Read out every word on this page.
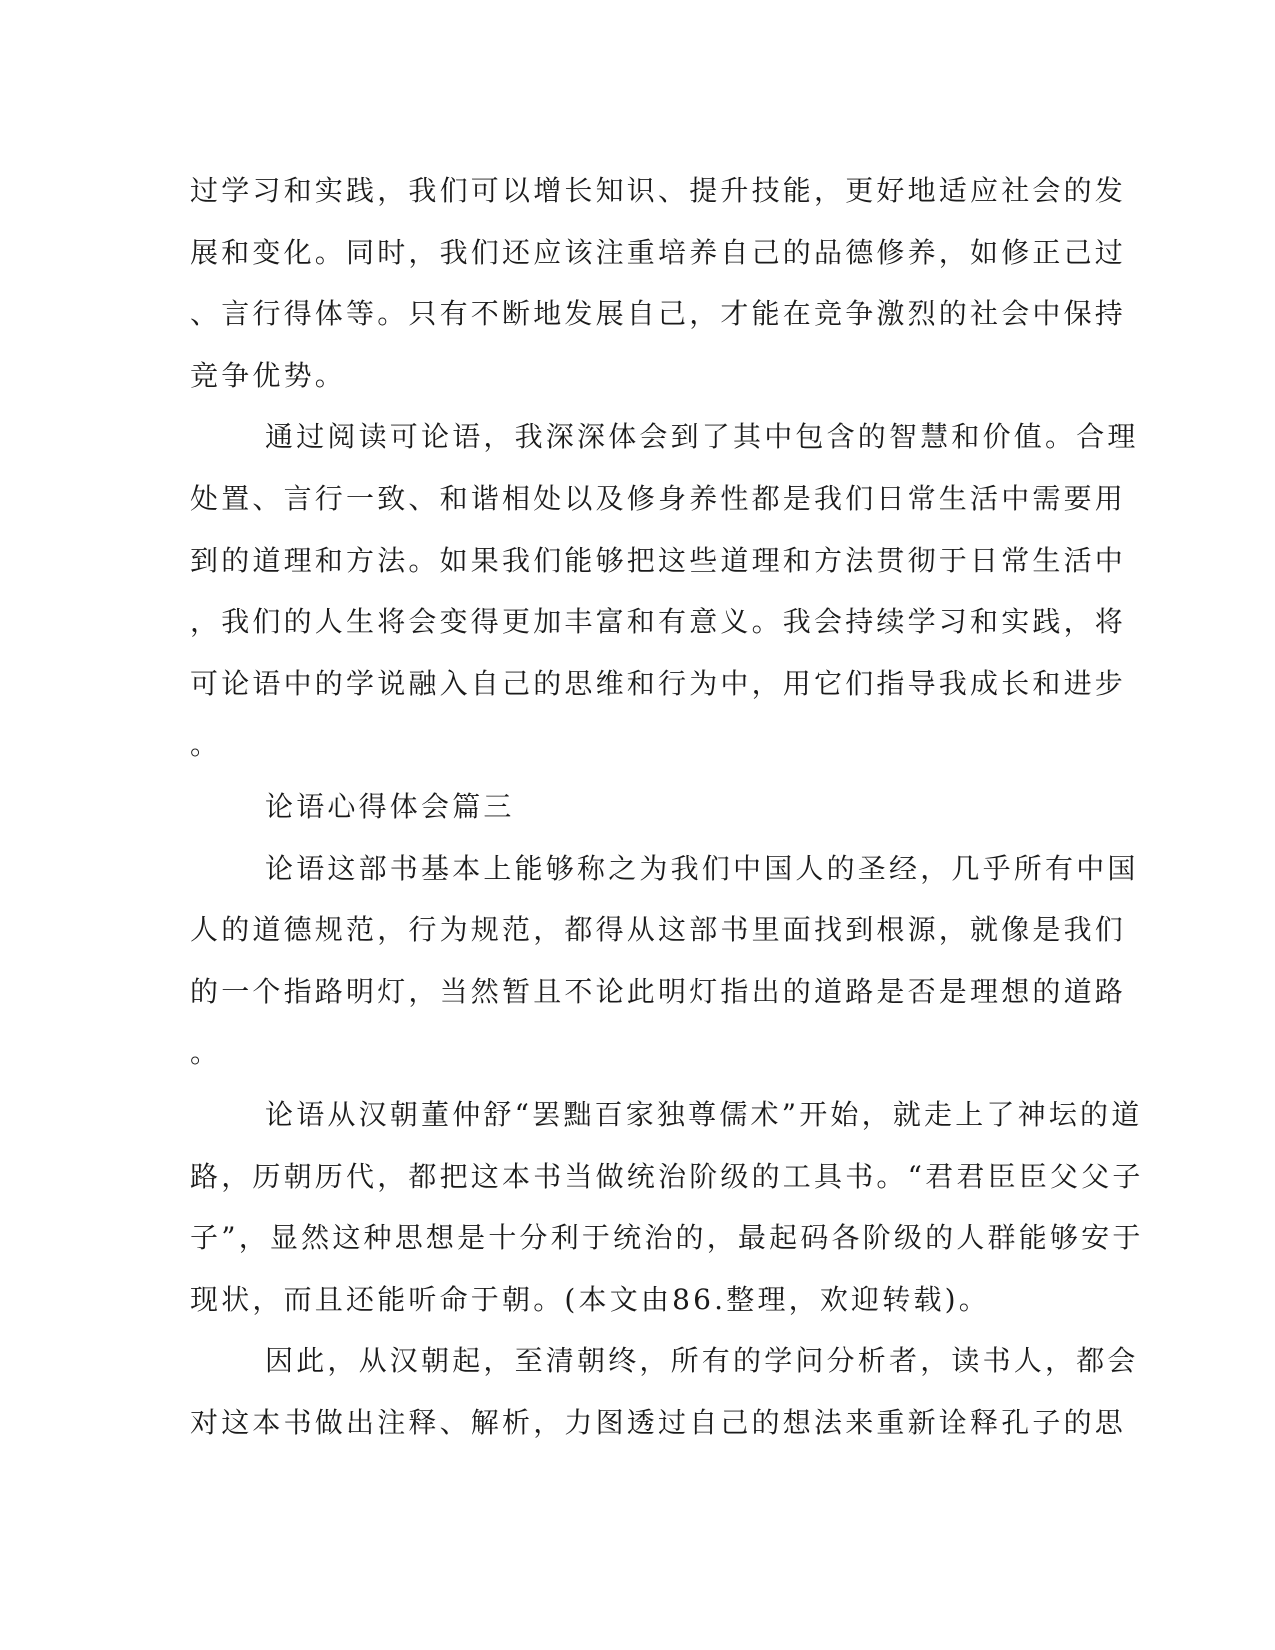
过学习和实践，我们可以增长知识、提升技能，更好地适应社会的发
展和变化。同时，我们还应该注重培养自己的品德修养，如修正己过
、言行得体等。只有不断地发展自己，才能在竞争激烈的社会中保持
竞争优势。
通过阅读可论语，我深深体会到了其中包含的智慧和价值。合理
处置、言行一致、和谐相处以及修身养性都是我们日常生活中需要用
到的道理和方法。如果我们能够把这些道理和方法贯彻于日常生活中
，我们的人生将会变得更加丰富和有意义。我会持续学习和实践，将
可论语中的学说融入自己的思维和行为中，用它们指导我成长和进步
。
论语心得体会篇三
论语这部书基本上能够称之为我们中国人的圣经，几乎所有中国
人的道德规范，行为规范，都得从这部书里面找到根源，就像是我们
的一个指路明灯，当然暂且不论此明灯指出的道路是否是理想的道路
。
论语从汉朝董仲舒“罢黜百家独尊儒术”开始，就走上了神坛的道
路，历朝历代，都把这本书当做统治阶级的工具书。“君君臣臣父父子
子”，显然这种思想是十分利于统治的，最起码各阶级的人群能够安于
现状，而且还能听命于朝。(本文由86.整理，欢迎转载)。
因此，从汉朝起，至清朝终，所有的学问分析者，读书人，都会
对这本书做出注释、解析，力图透过自己的想法来重新诠释孔子的思
